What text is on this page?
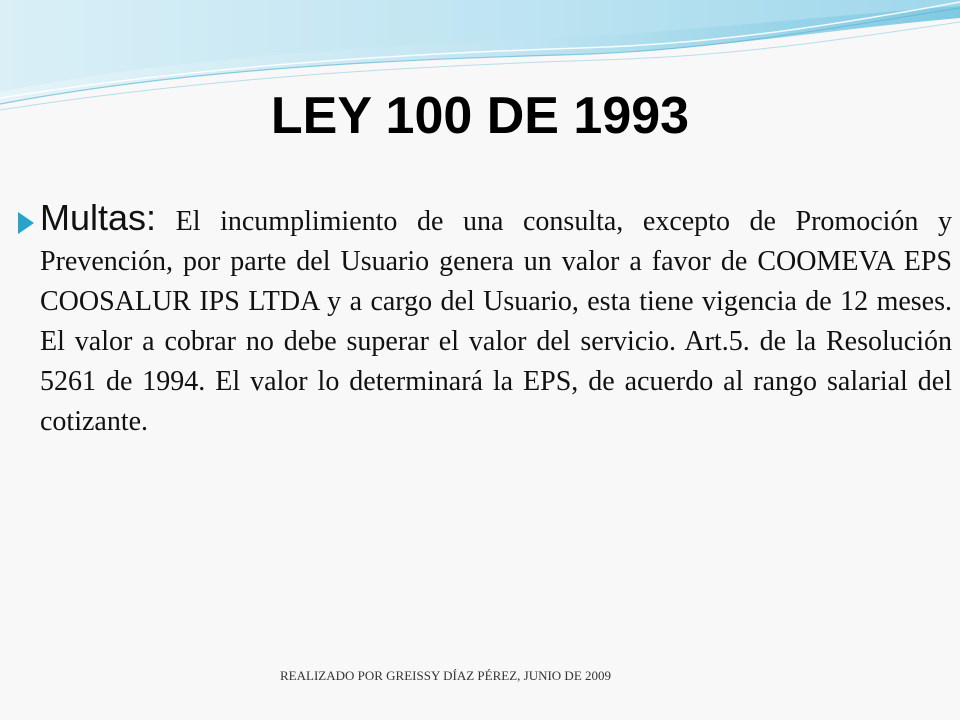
LEY 100 DE 1993

Multas: El incumplimiento de una consulta, excepto de Promoción y Prevención, por parte del Usuario genera un valor a favor de COOMEVA EPS COOSALUR IPS LTDA y a cargo del Usuario, esta tiene vigencia de 12 meses. El valor a cobrar no debe superar el valor del servicio. Art.5. de la Resolución 5261 de 1994. El valor lo determinará la EPS, de acuerdo al rango salarial del cotizante.

REALIZADO POR GREISSY DÍAZ PÉREZ, JUNIO DE 2009
